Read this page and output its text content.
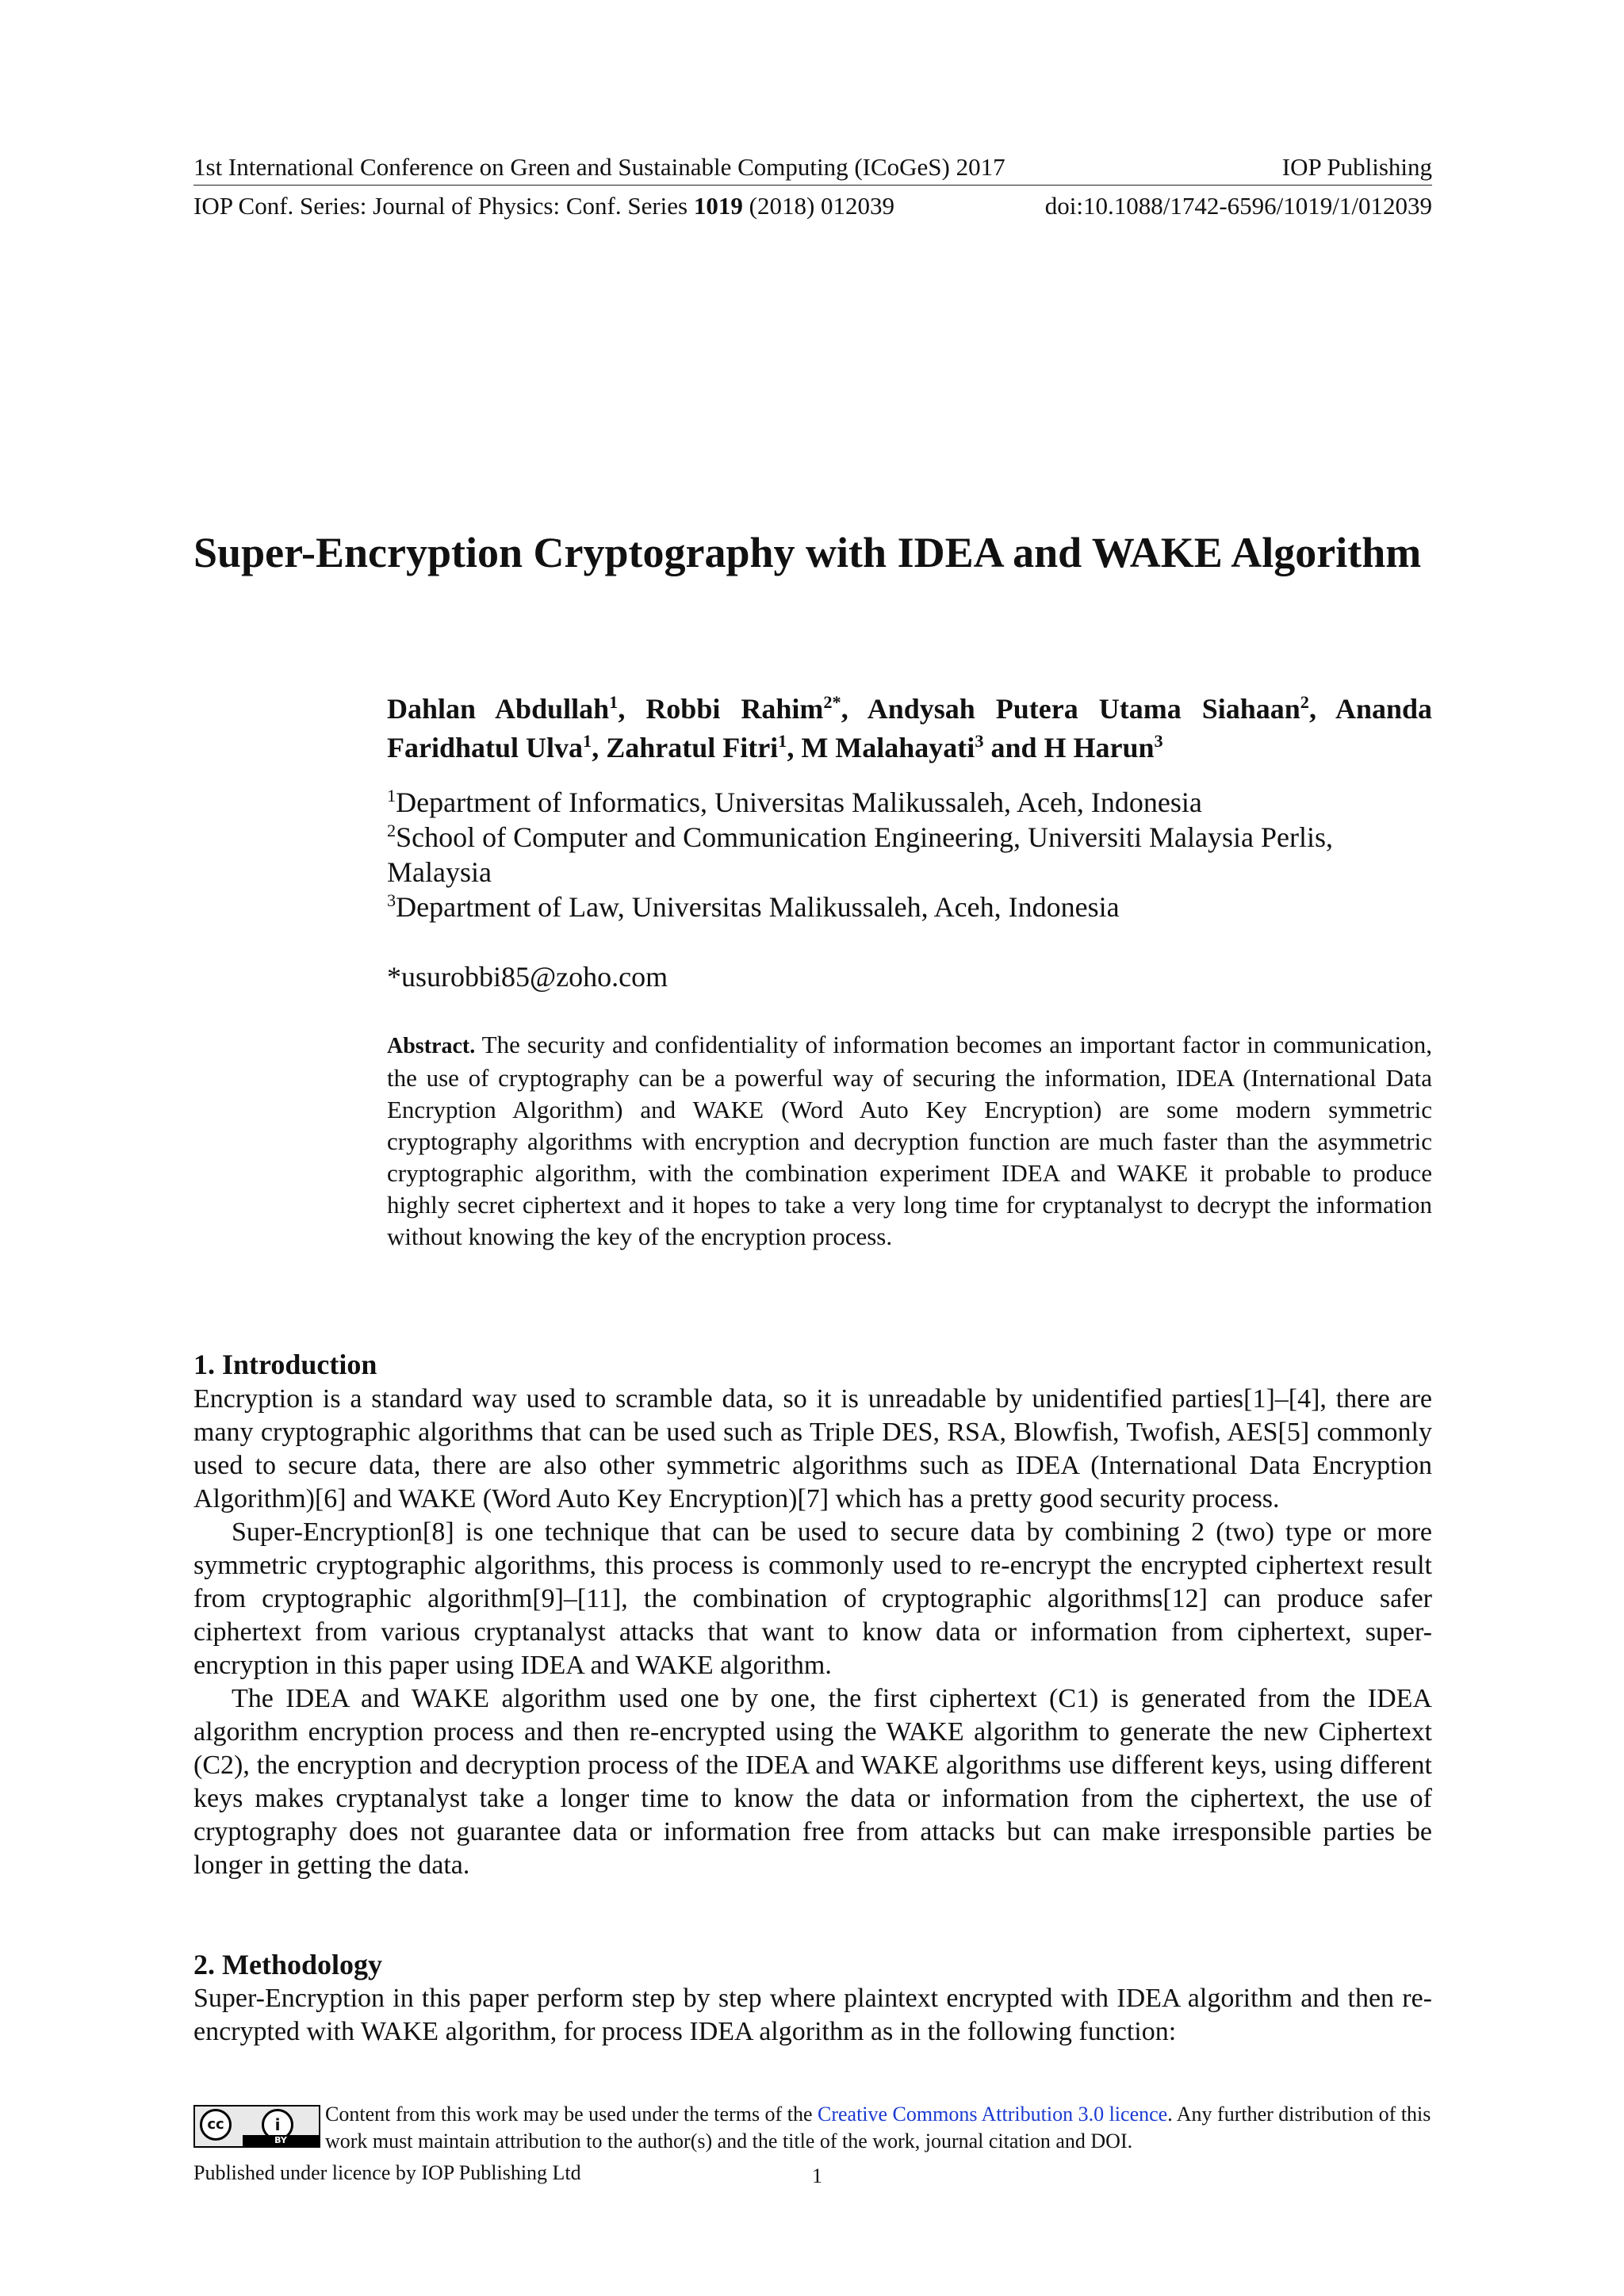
1st International Conference on Green and Sustainable Computing (ICoGeS) 2017	IOP Publishing
IOP Conf. Series: Journal of Physics: Conf. Series 1019 (2018) 012039	doi:10.1088/1742-6596/1019/1/012039
Super-Encryption Cryptography with IDEA and WAKE Algorithm
Dahlan Abdullah$^1$, Robbi Rahim$^{2*}$, Andysah Putera Utama Siahaan$^2$, Ananda Faridhatul Ulva$^1$, Zahratul Fitri$^1$, M Malahayati$^3$ and H Harun$^3$
$^1$Department of Informatics, Universitas Malikussaleh, Aceh, Indonesia
$^2$School of Computer and Communication Engineering, Universiti Malaysia Perlis, Malaysia
$^3$Department of Law, Universitas Malikussaleh, Aceh, Indonesia
*usurobbi85@zoho.com
Abstract. The security and confidentiality of information becomes an important factor in communication, the use of cryptography can be a powerful way of securing the information, IDEA (International Data Encryption Algorithm) and WAKE (Word Auto Key Encryption) are some modern symmetric cryptography algorithms with encryption and decryption function are much faster than the asymmetric cryptographic algorithm, with the combination experiment IDEA and WAKE it probable to produce highly secret ciphertext and it hopes to take a very long time for cryptanalyst to decrypt the information without knowing the key of the encryption process.
1. Introduction

Encryption is a standard way used to scramble data, so it is unreadable by unidentified parties[1]–[4], there are many cryptographic algorithms that can be used such as Triple DES, RSA, Blowfish, Twofish, AES[5] commonly used to secure data, there are also other symmetric algorithms such as IDEA (International Data Encryption Algorithm)[6] and WAKE (Word Auto Key Encryption)[7] which has a pretty good security process.

Super-Encryption[8] is one technique that can be used to secure data by combining 2 (two) type or more symmetric cryptographic algorithms, this process is commonly used to re-encrypt the encrypted ciphertext result from cryptographic algorithm[9]–[11], the combination of cryptographic algorithms[12] can produce safer ciphertext from various cryptanalyst attacks that want to know data or information from ciphertext, super-encryption in this paper using IDEA and WAKE algorithm.

The IDEA and WAKE algorithm used one by one, the first ciphertext (C1) is generated from the IDEA algorithm encryption process and then re-encrypted using the WAKE algorithm to generate the new Ciphertext (C2), the encryption and decryption process of the IDEA and WAKE algorithms use different keys, using different keys makes cryptanalyst take a longer time to know the data or information from the ciphertext, the use of cryptography does not guarantee data or information free from attacks but can make irresponsible parties be longer in getting the data.

2. Methodology

Super-Encryption in this paper perform step by step where plaintext encrypted with IDEA algorithm and then re-encrypted with WAKE algorithm, for process IDEA algorithm as in the following function:

cc	i
BY
Content from this work may be used under the terms of the Creative Commons Attribution 3.0 licence. Any further distribution of this work must maintain attribution to the author(s) and the title of the work, journal citation and DOI.
Published under licence by IOP Publishing Ltd	1
